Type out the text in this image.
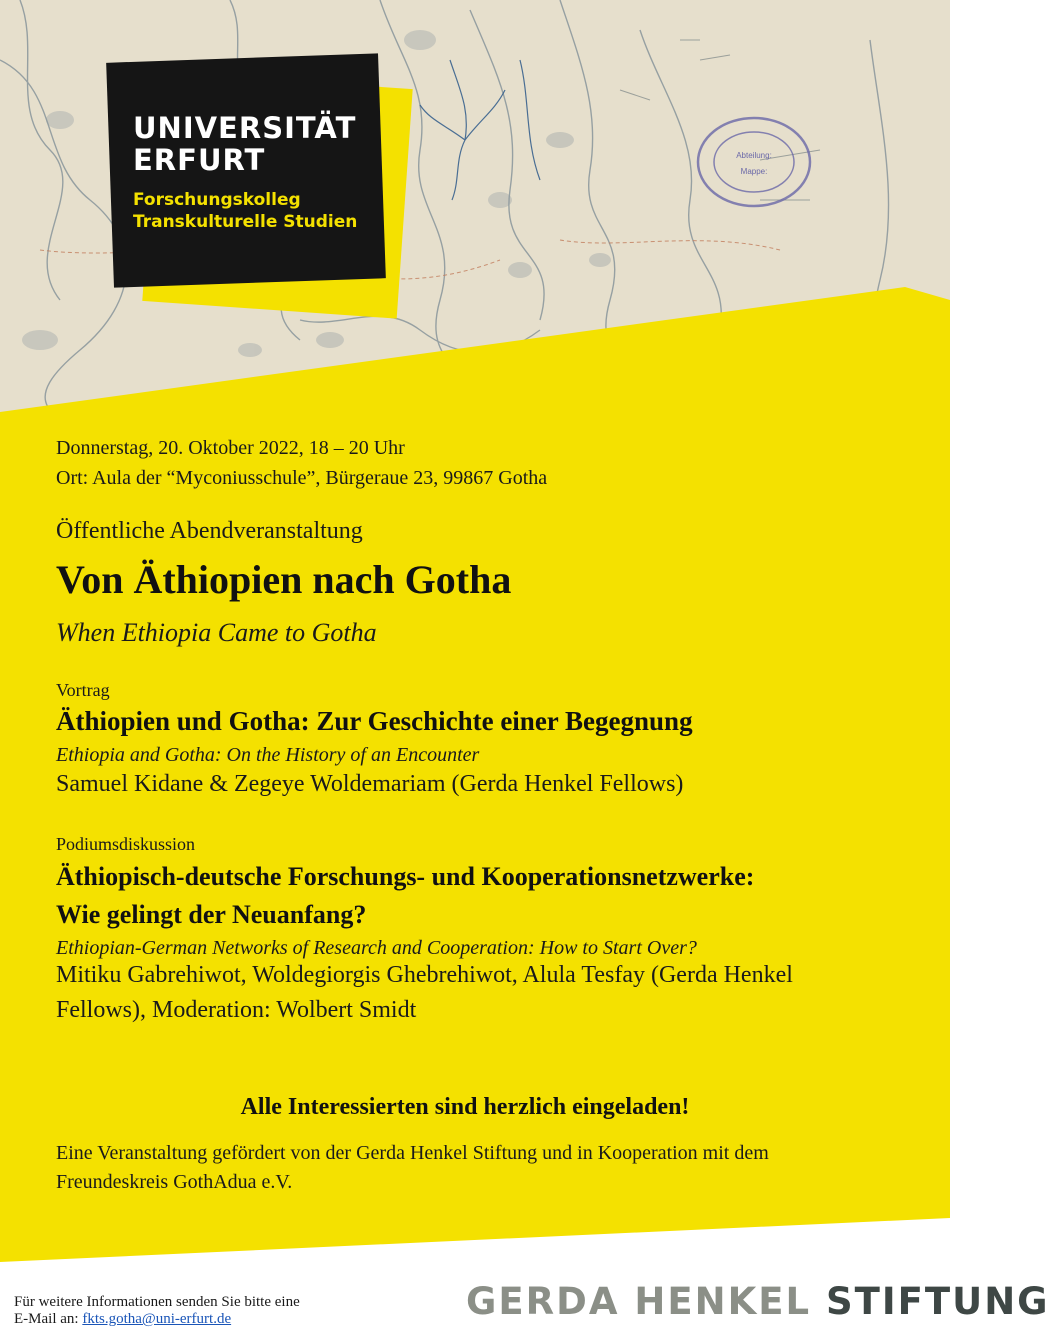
Abteilung:
Mappe:
UNIVERSITÄT
ERFURT
Forschungskolleg
Transkulturelle Studien
Donnerstag, 20. Oktober 2022, 18 – 20 Uhr
Ort: Aula der “Myconiusschule”, Bürgeraue 23, 99867 Gotha
Öffentliche Abendveranstaltung
Von Äthiopien nach Gotha
When Ethiopia Came to Gotha
Vortrag
Äthiopien und Gotha: Zur Geschichte einer Begegnung
Ethiopia and Gotha: On the History of an Encounter
Samuel Kidane & Zegeye Woldemariam (Gerda Henkel Fellows)
Podiumsdiskussion
Äthiopisch-deutsche Forschungs- und Kooperationsnetzwerke:
Wie gelingt der Neuanfang?
Ethiopian-German Networks of Research and Cooperation: How to Start Over?
Mitiku Gabrehiwot, Woldegiorgis Ghebrehiwot, Alula Tesfay (Gerda Henkel
Fellows), Moderation: Wolbert Smidt
Alle Interessierten sind herzlich eingeladen!
Eine Veranstaltung gefördert von der Gerda Henkel Stiftung und in Kooperation mit dem
Freundeskreis GothAdua e.V.
Für weitere Informationen senden Sie bitte eine
E-Mail an: fkts.gotha@uni-erfurt.de	GERDA HENKEL STIFTUNG
